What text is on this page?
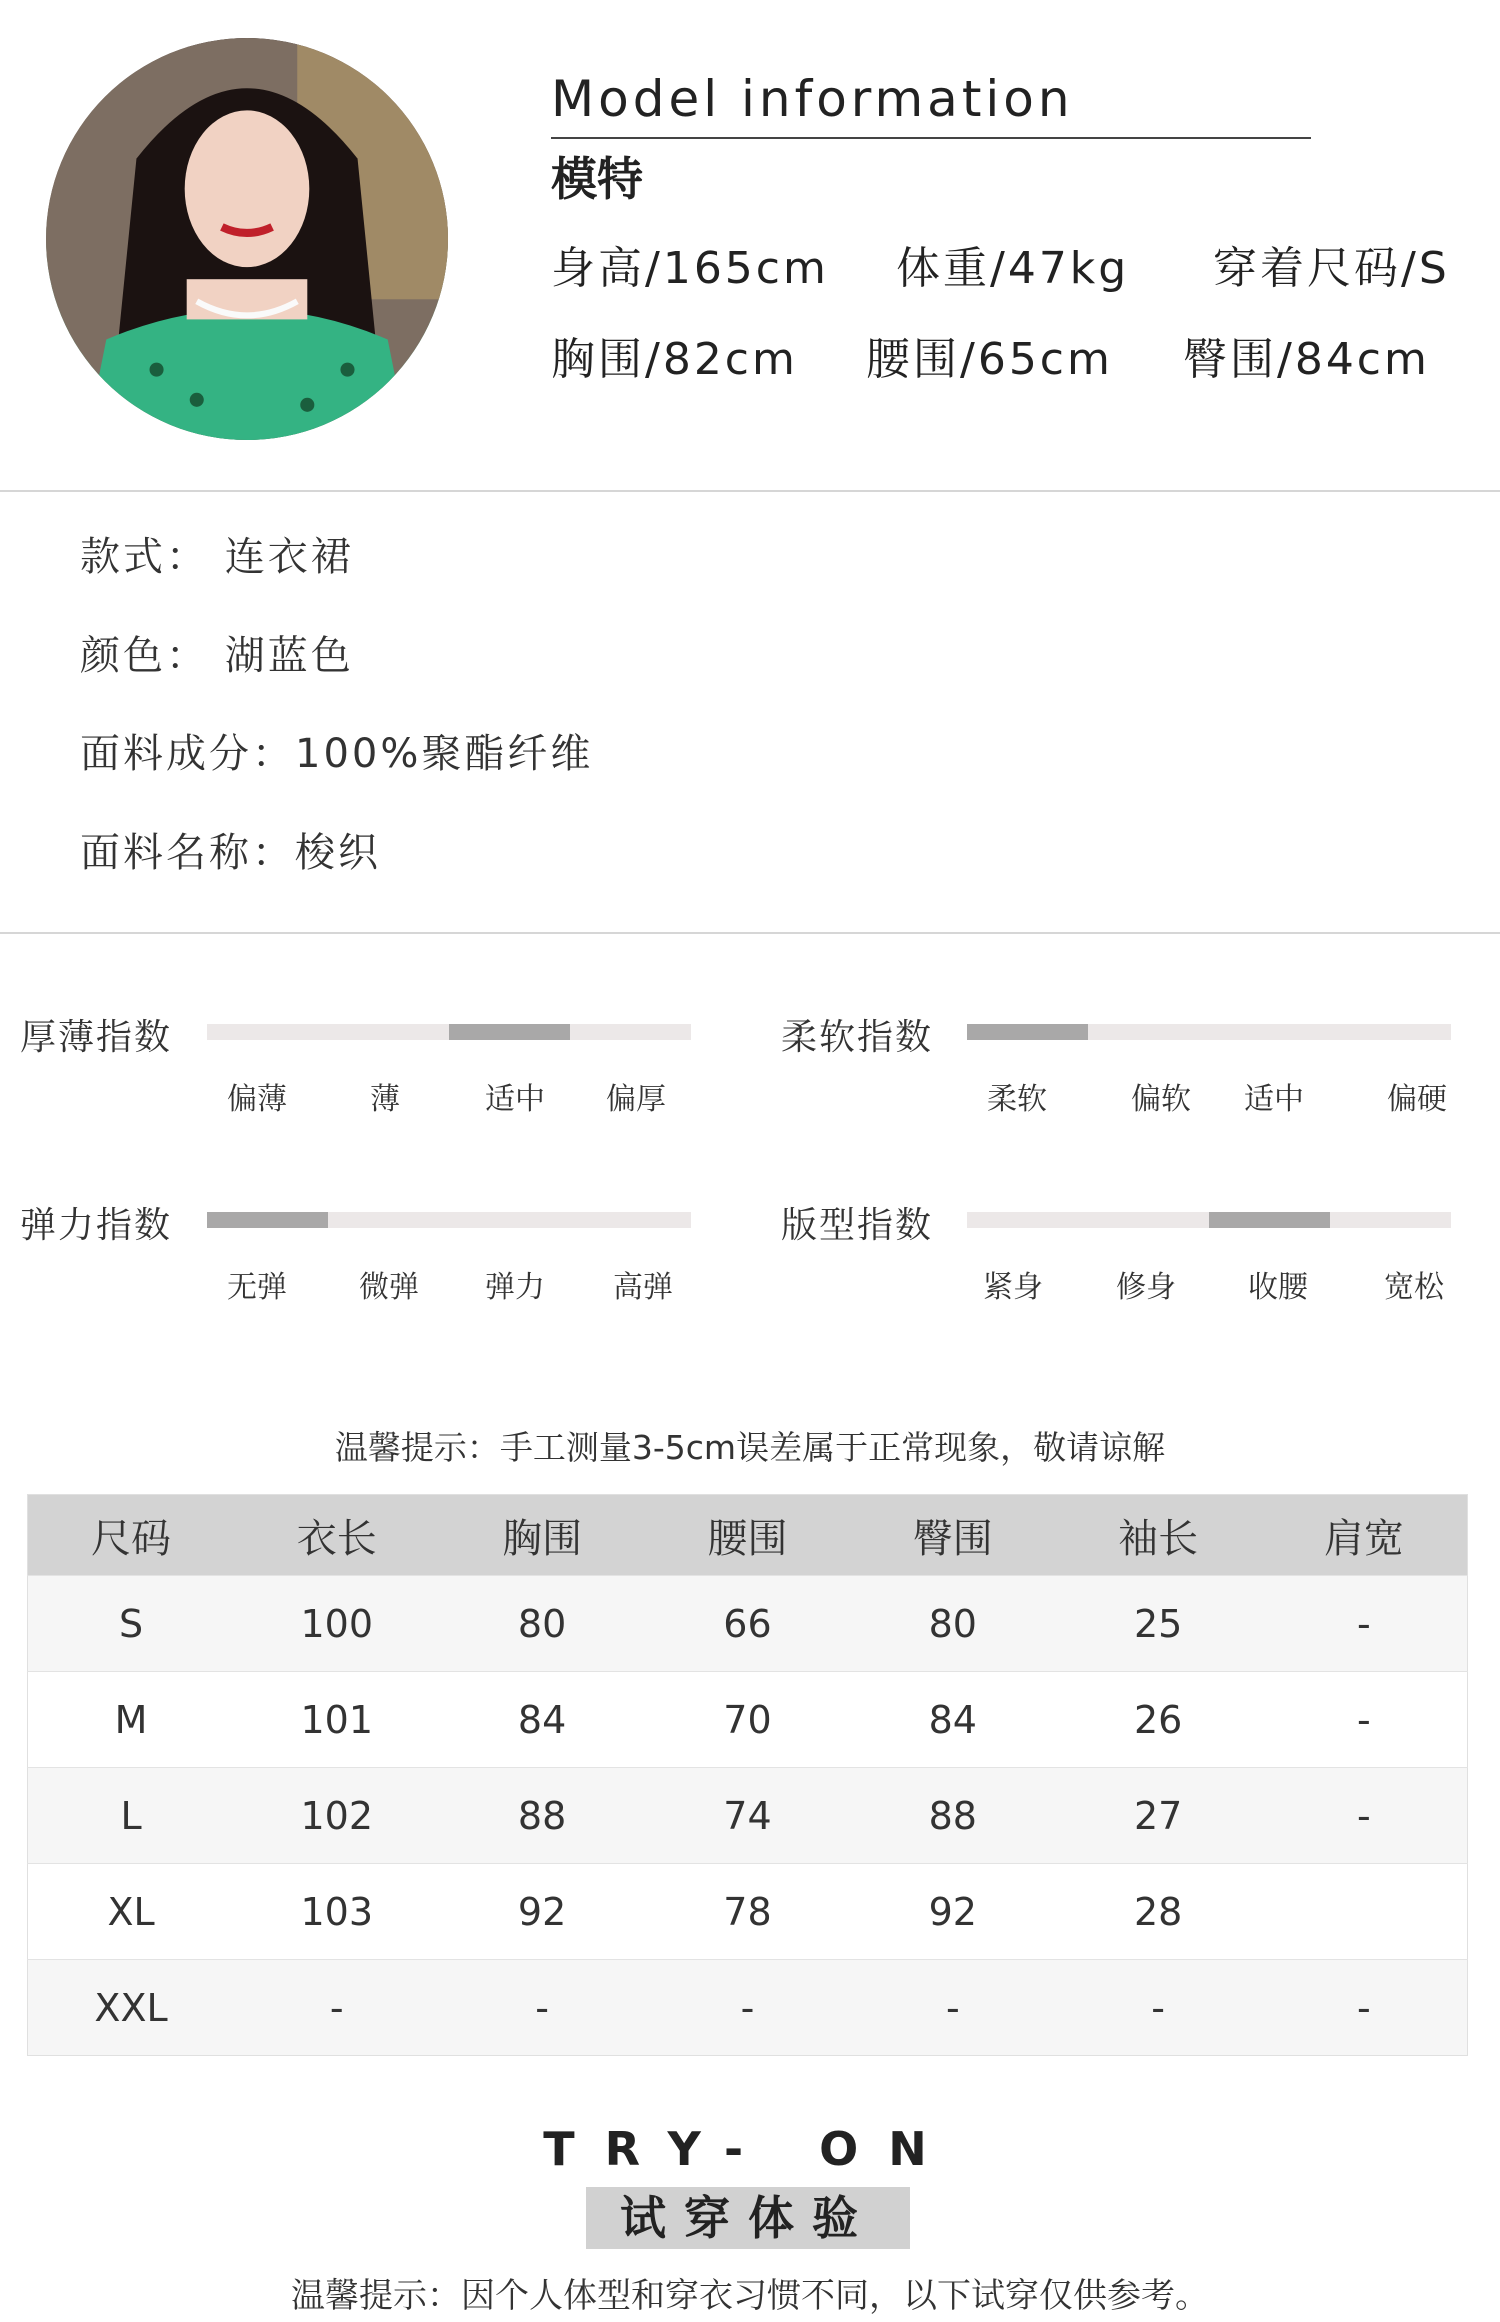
Model information
模特
身高/165cm 体重/47kg 穿着尺码/S
胸围/82cm 腰围/65cm 臀围/84cm
款式： 连衣裙
颜色： 湖蓝色
面料成分：100%聚酯纤维
面料名称：梭织
厚薄指数
偏薄	薄	适中 偏厚
柔软指数
柔软	偏软 适中	偏硬
弹力指数
无弹 微弹 弹力 高弹
版型指数
紧身 修身 收腰	宽松
温馨提示：手工测量3-5cm误差属于正常现象，敬请谅解
尺码	衣长	胸围	腰围	臀围	袖长	肩宽
S	100	80	66	80	25	-
M	101	84	70	84	26	-
L	102	88	74	88	27	-
XL	103	92	78	92	28	
XXL	-	-	-	-	-	-
TRY- ON
试穿体验
温馨提示：因个人体型和穿衣习惯不同，以下试穿仅供参考。
